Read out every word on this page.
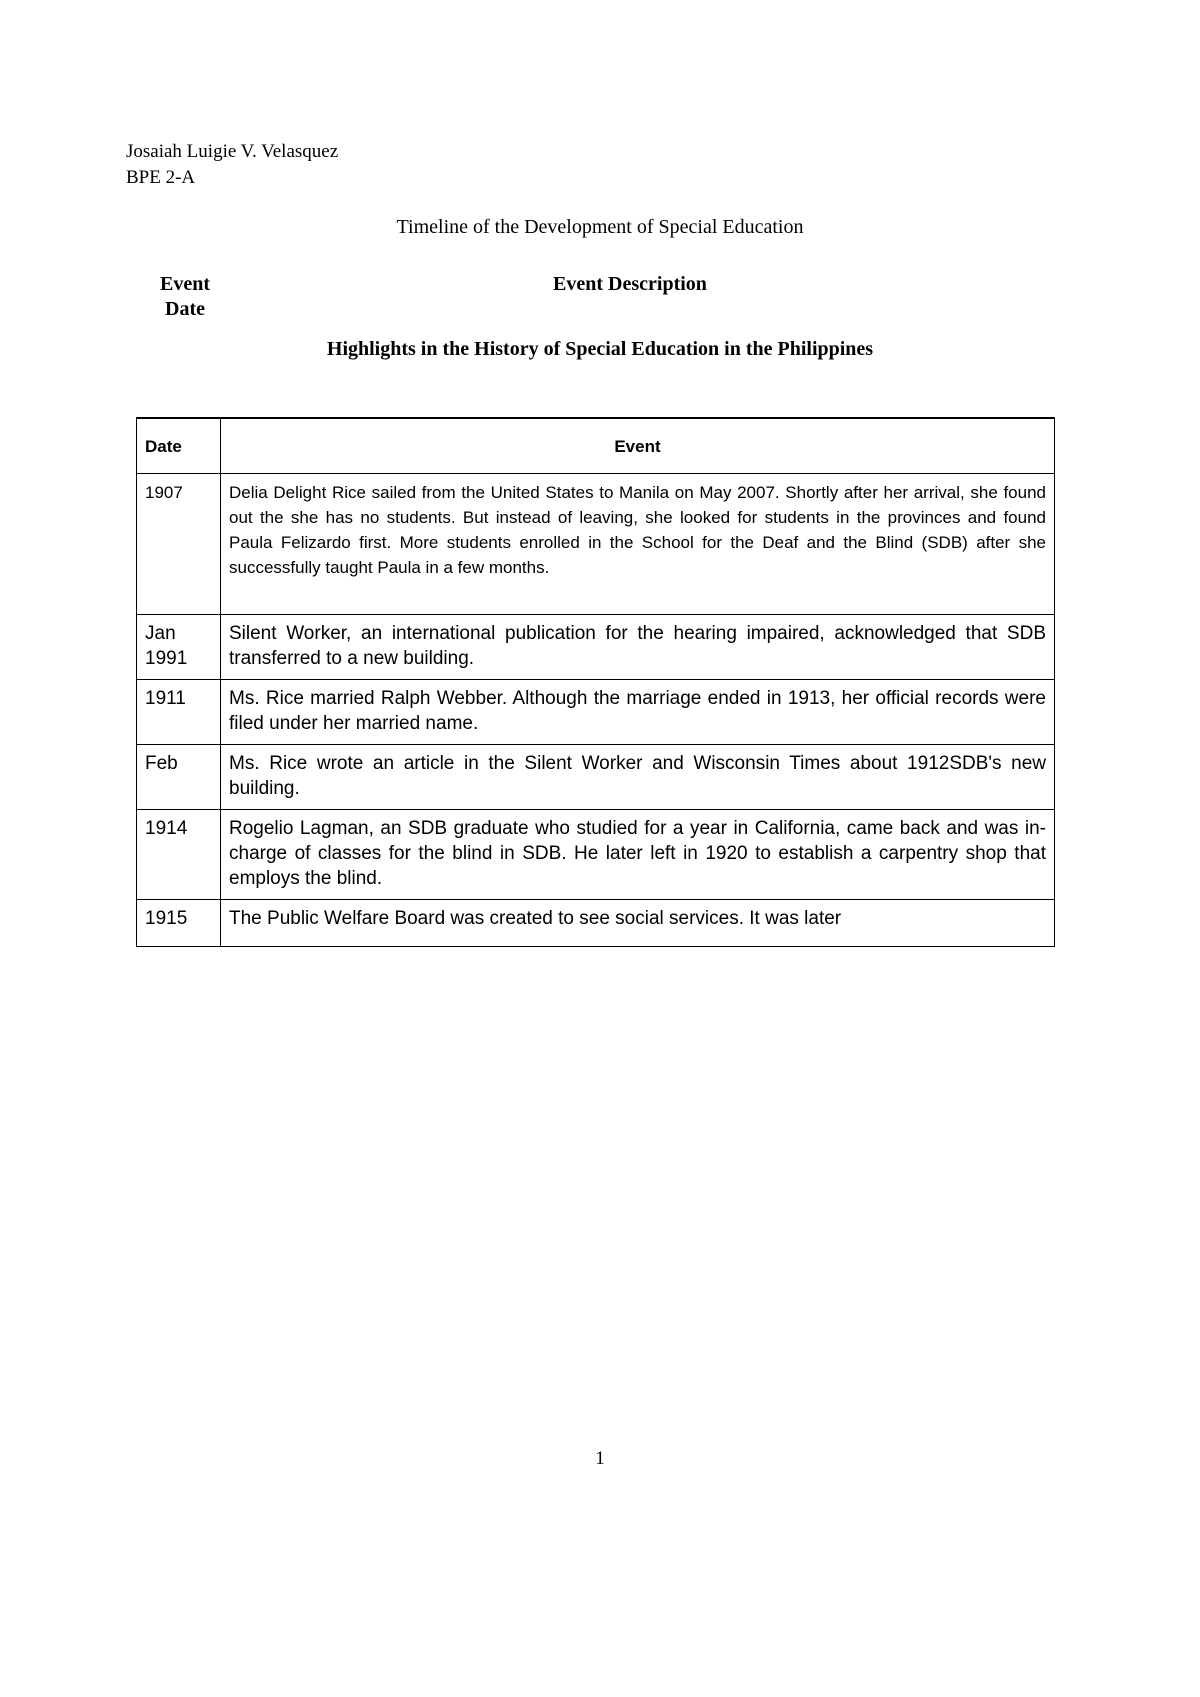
Josaiah Luigie V. Velasquez
BPE 2-A
Timeline of the Development of Special Education
Event Date
Event Description
Highlights in the History of Special Education in the Philippines
Date	Event
1907	Delia Delight Rice sailed from the United States to Manila on May 2007. Shortly after her arrival, she found out the she has no students. But instead of leaving, she looked for students in the provinces and found Paula Felizardo first. More students enrolled in the School for the Deaf and the Blind (SDB) after she successfully taught Paula in a few months.
Jan 1991	Silent Worker, an international publication for the hearing impaired, acknowledged that SDB transferred to a new building.
1911	Ms. Rice married Ralph Webber. Although the marriage ended in 1913, her official records were filed under her married name.
Feb	Ms. Rice wrote an article in the Silent Worker and Wisconsin Times about 1912SDB's new building.
1914	Rogelio Lagman, an SDB graduate who studied for a year in California, came back and was in-charge of classes for the blind in SDB. He later left in 1920 to establish a carpentry shop that employs the blind.
1915	The Public Welfare Board was created to see social services. It was later
1
